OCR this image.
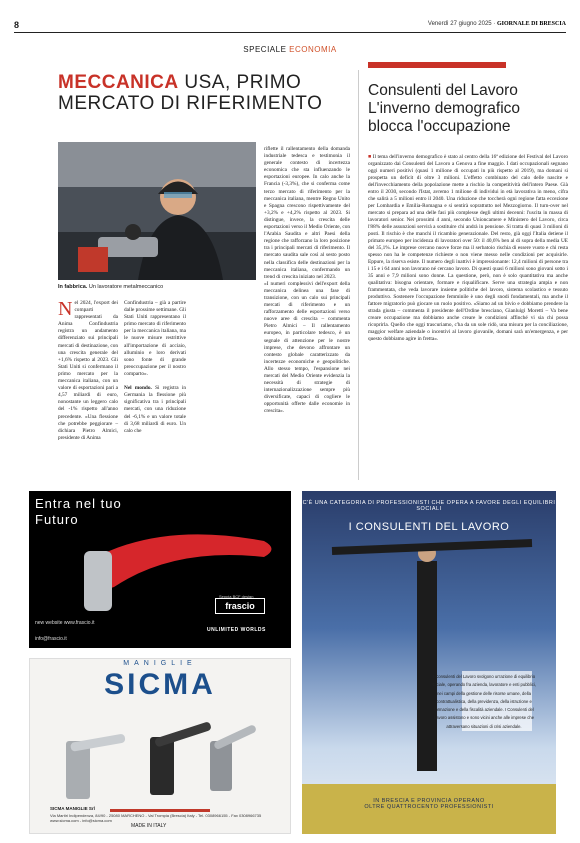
8	Venerdì 27 giugno 2025 · GIORNALE DI BRESCIA
SPECIALE ECONOMIA
MECCANICA USA, PRIMO MERCATO DI RIFERIMENTO
In fabbrica. Un lavoratore metalmeccanico
Nel 2024, l'export dei comparti rappresentati da Anima Confindustria registra un andamento differenziato sui principali mercati di destinazione, con una crescita generale del +1,6% rispetto al 2023. Gli Stati Uniti si confermano il primo mercato per la meccanica italiana, con un valore di esportazioni pari a 4,57 miliardi di euro, nonostante un leggero calo del -1% rispetto all'anno precedente. «Una flessione che potrebbe peggiorare – dichiara Pietro Almici, presidente di Anima
Confindustria – già a partire dalle prossime settimane. Gli Stati Uniti rappresentano il primo mercato di riferimento per la meccanica italiana, ma le nuove misure restrittive all'importazione di acciaio, alluminio e loro derivati sono fonte di grande preoccupazione per il nostro comparto».

Nel mondo. Si registra in Germania la flessione più significativa tra i principali mercati, con una riduzione del -6,1% e un valore totale di 3,68 miliardi di euro. Un calo che
riflette il rallentamento della domanda industriale tedesca e testimonia il generale contesto di incertezza economica che sta influenzando le esportazioni europee. In calo anche la Francia (-3,3%), che si conferma come terzo mercato di riferimento per la meccanica italiana, mentre Regno Unito e Spagna crescono rispettivamente del +3,2% e +4,2% rispetto al 2023. Si distingue, invece, la crescita delle esportazioni verso il Medio Oriente, con l'Arabia Saudita e altri Paesi della regione che rafforzano la loro posizione tra i principali mercati di riferimento. Il mercato saudita sale così al sesto posto nella classifica delle destinazioni per la meccanica italiana, confermando un trend di crescita iniziato nel 2023.
«I numeri complessivi dell'export della meccanica delinea una fase di transizione, con un calo sui principali mercati di riferimento e un rafforzamento delle esportazioni verso nuove aree di crescita – commenta Pietro Almici – Il rallentamento europeo, in particolare tedesco, è un segnale di attenzione per le nostre imprese, che devono affrontare un contesto globale caratterizzato da incertezze economiche e geopolitiche. Allo stesso tempo, l'espansione nei mercati del Medio Oriente evidenzia la necessità di strategie di internazionalizzazione sempre più diversificate, capaci di cogliere le opportunità offerte dalle economie in crescita».
Consulenti del Lavoro L'inverno demografico blocca l'occupazione
■ Il tema dell'inverno demografico è stato al centro della 16ª edizione del Festival del Lavoro organizzato dai Consulenti del Lavoro a Genova a fine maggio. I dati occupazionali segnano oggi numeri positivi (quasi 1 milione di occupati in più rispetto al 2019), ma domani si prospetta un deficit di oltre 3 milioni. L'effetto combinato del calo delle nascite e dell'invecchiamento della popolazione mette a rischio la competitività dell'intero Paese. Già entro il 2030, secondo l'Istat, avremo 1 milione di individui in età lavorativa in meno, cifra che salirà a 5 milioni entro il 2040. Una riduzione che toccherà ogni regione fatta eccezione per Lombardia e Emilia-Romagna e si sentirà soprattutto nel Mezzogiorno. Il turn-over nel mercato si prepara ad una delle fasi più complesse degli ultimi decenni: l'uscita in massa di lavoratori senior. Nei prossimi 4 anni, secondo Unioncamere e Ministero del Lavoro, circa l'88% delle assunzioni servirà a sostituire chi andrà in pensione. Si tratta di quasi 3 milioni di posti. Il rischio è che manchi il ricambio generazionale. Del resto, già oggi l'Italia detiene il primato europeo per incidenza di lavoratori over 50: il 40,6% ben al di sopra della media UE del 35,1%. Le imprese cercano nuove forze ma il serbatoio rischia di essere vuoto e chi resta spesso non ha le competenze richieste o non viene messo nelle condizioni per acquisirle. Eppure, la riserva esiste. Il numero degli inattivi è impressionante: 12,4 milioni di persone tra i 15 e i 64 anni non lavorano né cercano lavoro. Di questi quasi 6 milioni sono giovani sotto i 35 anni e 7,9 milioni sono donne. La questione, però, non è solo quantitativa ma anche qualitativa: bisogna orientare, formare e riqualificare. Serve una strategia ampia e non frammentata, che veda lavorare insieme politiche del lavoro, sistema scolastico e tessuto produttivo. Sostenere l'occupazione femminile è uno degli snodi fondamentali, ma anche il fattore migratorio può giocare un ruolo positivo. «Siamo ad un bivio e dobbiamo prendere la strada giusta – commenta il presidente dell'Ordine bresciano, Gianluigi Moretti – Va bene creare occupazione ma dobbiamo anche creare le condizioni affinché vi sia chi possa ricoprirla. Quello che oggi trascuriamo, c'ha da un sole ridò, una misura per la conciliazione, maggior welfare aziendale o incentivi al lavoro giovanile, domani sarà un'emergenza, e per questo dobbiamo agire in fretta».
Entra nel tuo Futuro
Seppia BCF design
new website www.frascio.it
info@frascio.it
frascio
UNLIMITED WORLDS
MANIGLIE
SICMA
SICMA MANIGLIE Srl
Via Martiri Indipendenza, 84/90 - 25080 MARCHENO - Val Trompia (Brescia) Italy - Tel. 0308966155 - Fax 0308966735
www.sicma.com - info@sicma.com
MADE IN ITALY
C'È UNA CATEGORIA DI PROFESSIONISTI CHE OPERA A FAVORE DEGLI EQUILIBRI SOCIALI
I CONSULENTI DEL LAVORO
I Consulenti del Lavoro svolgono un'azione di equilibrio sociale, operando fra azienda, lavoratore e enti pubblici, nei campi della gestione delle risorse umane, della contrattualistica, della previdenza, della istruzione e formazione e della fiscalità aziendale. I Consulenti del Lavoro assistono e sono vicini anche alle imprese che attraversano situazioni di crisi aziendale.
IN BRESCIA E PROVINCIA OPERANO
OLTRE QUATTROCENTO PROFESSIONISTI
